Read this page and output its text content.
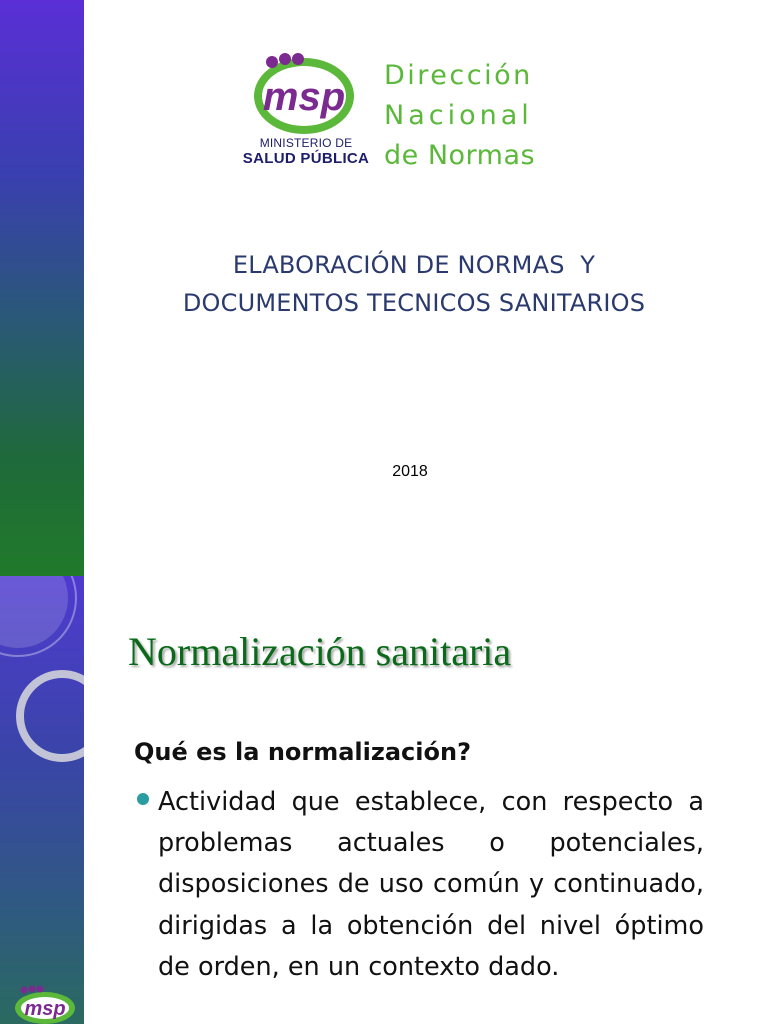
msp
MINISTERIO DE
SALUD PÚBLICA
Dirección
Nacional
de Normas
ELABORACIÓN DE NORMAS  Y
DOCUMENTOS TECNICOS SANITARIOS
2018
msp
Normalización sanitaria
Qué es la normalización?
Actividad que establece, con respecto a problemas actuales o potenciales, disposiciones de uso común y continuado, dirigidas a la obtención del nivel óptimo de orden, en un contexto dado.
